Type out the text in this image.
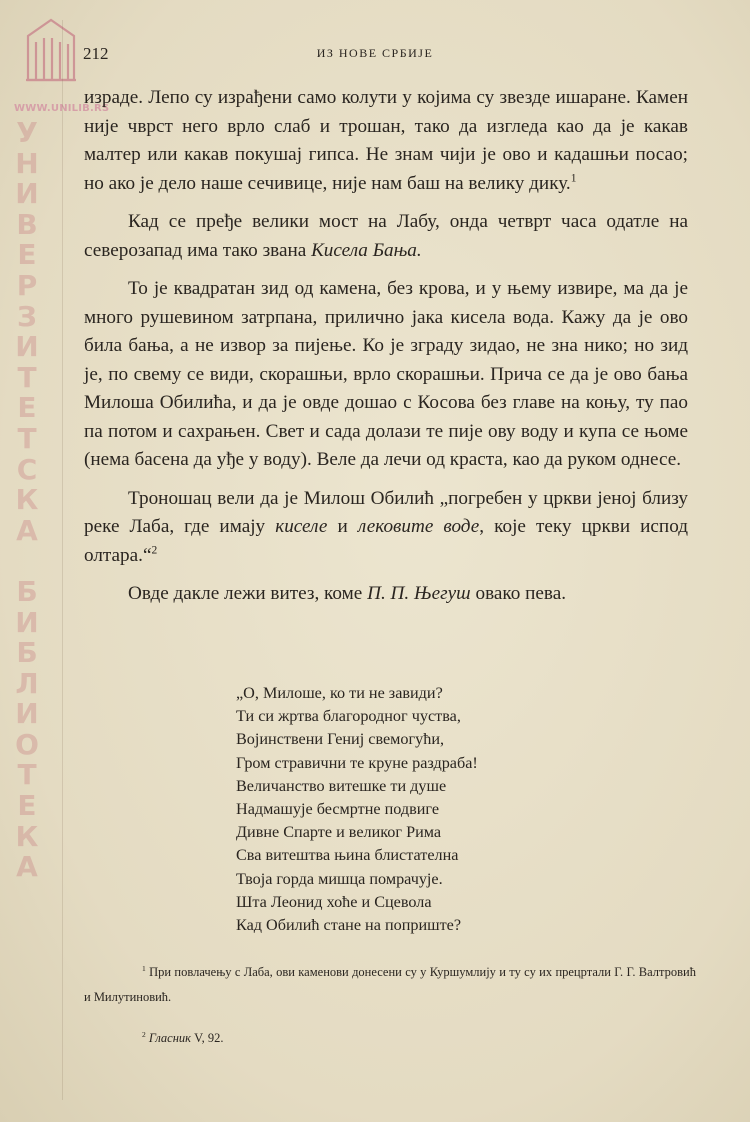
WWW.UNILIB.RS
У
Н
И
В
Е
Р
З
И
Т
Е
Т
С
К
А

Б
И
Б
Л
И
О
Т
Е
К
А
212	ИЗ НОВЕ СРБИЈЕ

израде. Лепо су израђени само колути у којима су звезде ишаране. Камен није чврст него врло слаб и трошан, тако да изгледа као да је какав малтер или какав покушај гипса. Не знам чији је ово и кадашњи посао; но ако је дело наше сечивице, није нам баш на велику дику.$^1$

Кад се пређе велики мост на Лабу, онда четврт часа одатле на северозапад има тако звана Кисела Бања.

То је квадратан зид од камена, без крова, и у њему извире, ма да је много рушевином затрпана, прилично јака кисела вода. Кажу да је ово била бања, а не извор за пијење. Ко је зграду зидао, не зна нико; но зид је, по свему се види, скорашњи, врло скорашњи. Прича се да је ово бања Милоша Обилића, и да је овде дошао с Косова без главе на коњу, ту пао па потом и сахрањен. Свет и сада долази те пије ову воду и купа се њоме (нема басена да уђе у воду). Веле да лечи од краста, као да руком однесе.

Троношац вели да је Милош Обилић „погребен у цркви јеној близу реке Лаба, где имају киселе и лековите воде, које теку цркви испод олтара.“$^2$

Овде дакле лежи витез, коме П. П. Његуш овако пева.

„О, Милоше, ко ти не завиди?
Ти си жртва благородног чуства,
Војинствени Гениј свемогући,
Гром стравични те круне раздраба!
Величанство витешке ти душе
Надмашује бесмртне подвиге
Дивне Спарте и великог Рима
Сва витештва њина блистателна
Твоја горда мишца помрачује.
Шта Леонид хоће и Сцевола
Кад Обилић стане на поприште?

$^1$ При повлачењу с Лаба, ови каменови донесени су у Куршумлију и ту су их прецртали Г. Г. Валтровић и Милутиновић.

$^2$ Гласник V, 92.
